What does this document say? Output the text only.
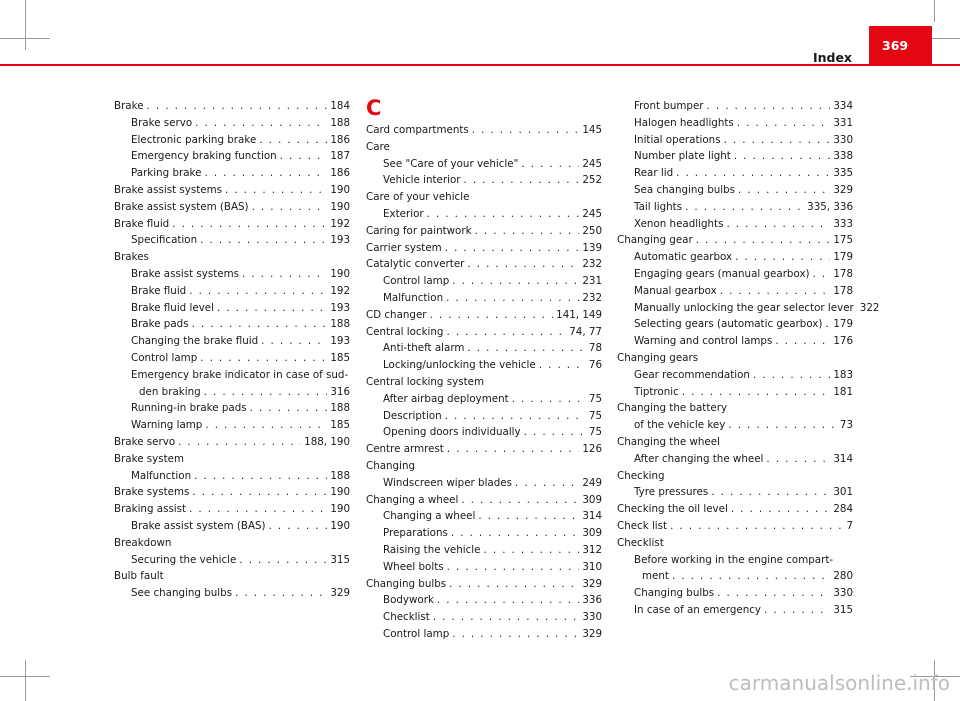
Index
369
Brake . . .	184
Brake servo . . .	188
Electronic parking brake . . .	186
Emergency braking function . . .	187
Parking brake . . .	186
Brake assist systems . . .	190
Brake assist system (BAS) . . .	190
Brake fluid . . .	192
Specification . . .	193
Brakes
Brake assist systems . . .	190
Brake fluid . . .	192
Brake fluid level . . .	193
Brake pads . . .	188
Changing the brake fluid . . .	193
Control lamp . . .	185
Emergency brake indicator in case of sud-
den braking . . .	316
Running-in brake pads . . .	188
Warning lamp . . .	185
Brake servo . . .	188, 190
Brake system
Malfunction . . .	188
Brake systems . . .	190
Braking assist . . .	190
Brake assist system (BAS) . . .	190
Breakdown
Securing the vehicle . . .	315
Bulb fault
See changing bulbs . . .	329
C
Card compartments . . .	145
Care
See "Care of your vehicle" . . .	245
Vehicle interior . . .	252
Care of your vehicle
Exterior . . .	245
Caring for paintwork . . .	250
Carrier system . . .	139
Catalytic converter . . .	232
Control lamp . . .	231
Malfunction . . .	232
CD changer . . .	141, 149
Central locking . . .	74, 77
Anti-theft alarm . . .	78
Locking/unlocking the vehicle . . .	76
Central locking system
After airbag deployment . . .	75
Description . . .	75
Opening doors individually . . .	75
Centre armrest . . .	126
Changing
Windscreen wiper blades . . .	249
Changing a wheel . . .	309
Changing a wheel . . .	314
Preparations . . .	309
Raising the vehicle . . .	312
Wheel bolts . . .	310
Changing bulbs . . .	329
Bodywork . . .	336
Checklist . . .	330
Control lamp . . .	329
Front bumper . . .	334
Halogen headlights . . .	331
Initial operations . . .	330
Number plate light . . .	338
Rear lid . . .	335
Sea changing bulbs . . .	329
Tail lights . . .	335, 336
Xenon headlights . . .	333
Changing gear . . .	175
Automatic gearbox . . .	179
Engaging gears (manual gearbox) . . . 178
Manual gearbox . . .	178
Manually unlocking the gear selector lever 322
Selecting gears (automatic gearbox) . . . 179
Warning and control lamps . . .	176
Changing gears
Gear recommendation . . .	183
Tiptronic . . .	181
Changing the battery
of the vehicle key . . .	73
Changing the wheel
After changing the wheel . . .	314
Checking
Tyre pressures . . .	301
Checking the oil level . . .	284
Check list . . .	7
Checklist
Before working in the engine compart-
ment . . .	280
Changing bulbs . . .	330
In case of an emergency . . .	315
carmanualsonline.info
